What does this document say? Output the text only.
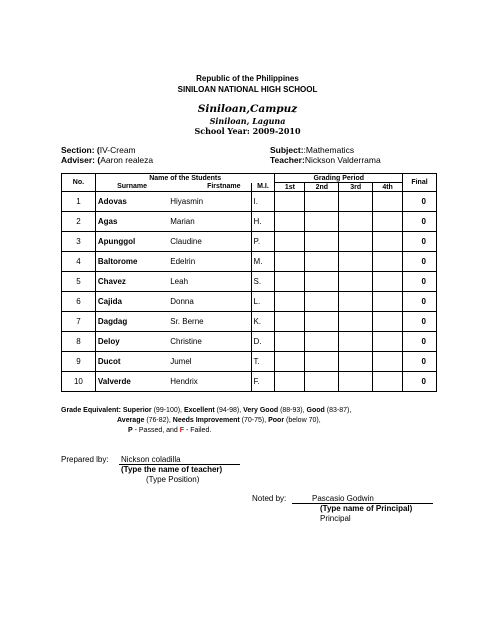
Republic of the Philippines
SINILOAN NATIONAL HIGH SCHOOL
Siniloan,Campuz
Siniloan, Laguna
School Year: 2009-2010
Section: (IV-Cream
Adviser: (Aaron realeza
Subject::Mathematics
Teacher:Nickson Valderrama
No.	Name of the Students			Grading Period				Final
	Surname	Firstname	M.I.	1st	2nd	3rd	4th	
1	Adovas	Hiyasmin	I.					0
2	Agas	Marian	H.					0
3	Apunggol	Claudine	P.					0
4	Baltorome	Edelrin	M.					0
5	Chavez	Leah	S.					0
6	Cajida	Donna	L.					0
7	Dagdag	Sr. Berne	K.					0
8	Deloy	Christine	D.					0
9	Ducot	Jumel	T.					0
10	Valverde	Hendrix	F.					0
Grade Equivalent: Superior (99-100), Excellent (94-98), Very Good (88-93), Good (83-87),
Average (76-82), Needs Improvement (70-75), Poor (below 70),
P - Passed, and F - Failed.
Prepared lby: Nickson coladilla
(Type the name of teacher)
(Type Position)
Noted by:	Pascasio Godwin
(Type name of Principal)
Principal
